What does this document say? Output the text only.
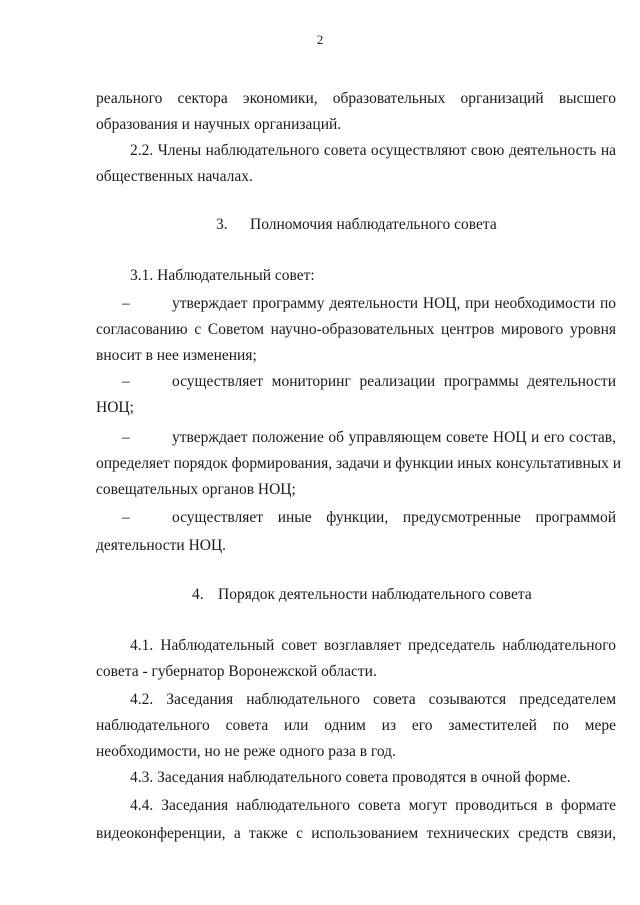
2
реального сектора экономики, образовательных организаций высшего
образования и научных организаций.
2.2. Члены наблюдательного совета осуществляют свою деятельность на
общественных началах.
3. Полномочия наблюдательного совета
3.1. Наблюдательный совет:
–	утверждает программу деятельности НОЦ, при необходимости по
согласованию с Советом научно-образовательных центров мирового уровня
вносит в нее изменения;
–	осуществляет мониторинг реализации программы деятельности
НОЦ;
–	утверждает положение об управляющем совете НОЦ и его состав,
определяет порядок формирования, задачи и функции иных консультативных и
совещательных органов НОЦ;
–	осуществляет иные функции, предусмотренные программой
деятельности НОЦ.
4. Порядок деятельности наблюдательного совета
4.1. Наблюдательный совет возглавляет председатель наблюдательного
совета - губернатор Воронежской области.
4.2. Заседания наблюдательного совета созываются председателем
наблюдательного совета или одним из его заместителей по мере
необходимости, но не реже одного раза в год.
4.3. Заседания наблюдательного совета проводятся в очной форме.
4.4. Заседания наблюдательного совета могут проводиться в формате
видеоконференции, а также с использованием технических средств связи,
